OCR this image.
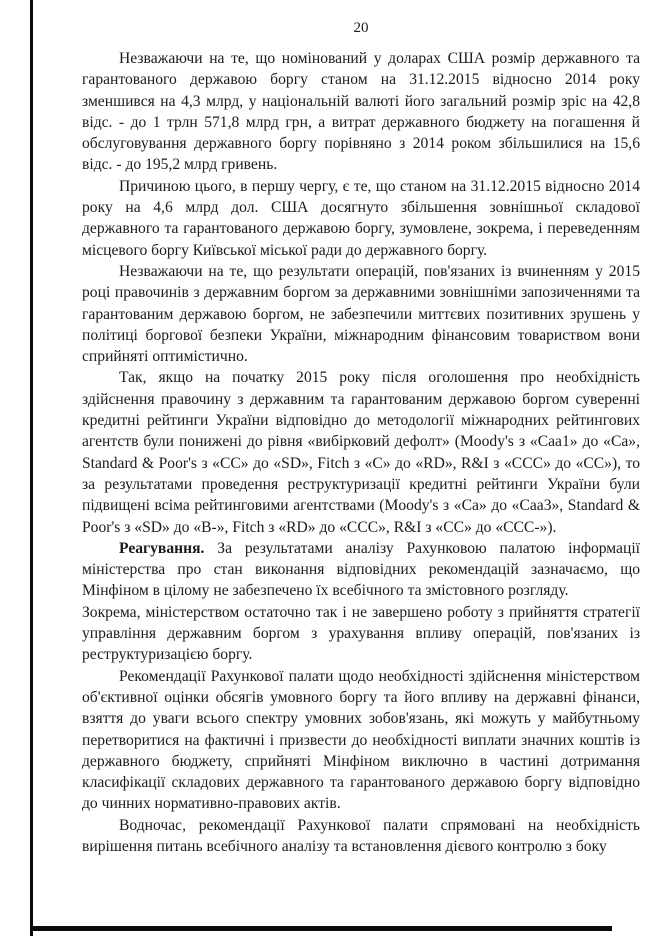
20

Незважаючи на те, що номінований у доларах США розмір державного та гарантованого державою боргу станом на 31.12.2015 відносно 2014 року зменшився на 4,3 млрд, у національній валюті його загальний розмір зріс на 42,8 відс. - до 1 трлн 571,8 млрд грн, а витрат державного бюджету на погашення й обслуговування державного боргу порівняно з 2014 роком збільшилися на 15,6 відс. - до 195,2 млрд гривень.

Причиною цього, в першу чергу, є те, що станом на 31.12.2015 відносно 2014 року на 4,6 млрд дол. США досягнуто збільшення зовнішньої складової державного та гарантованого державою боргу, зумовлене, зокрема, і переведенням місцевого боргу Київської міської ради до державного боргу.

Незважаючи на те, що результати операцій, пов'язаних із вчиненням у 2015 році правочинів з державним боргом за державними зовнішніми запозиченнями та гарантованим державою боргом, не забезпечили миттєвих позитивних зрушень у політиці боргової безпеки України, міжнародним фінансовим товариством вони сприйняті оптимістично.

Так, якщо на початку 2015 року після оголошення про необхідність здійснення правочину з державним та гарантованим державою боргом суверенні кредитні рейтинги України відповідно до методології міжнародних рейтингових агентств були понижені до рівня «вибірковий дефолт» (Moody's з «Caa1» до «Ca», Standard & Poor's з «CC» до «SD», Fitch з «C» до «RD», R&I з «CCC» до «CC»), то за результатами проведення реструктуризації кредитні рейтинги України були підвищені всіма рейтинговими агентствами (Moody's з «Ca» до «Caa3», Standard & Poor's з «SD» до «B-», Fitch з «RD» до «CCC», R&I з «CC» до «CCC-»).

Реагування. За результатами аналізу Рахунковою палатою інформації міністерства про стан виконання відповідних рекомендацій зазначаємо, що Мінфіном в цілому не забезпечено їх всебічного та змістовного розгляду.

Зокрема, міністерством остаточно так і не завершено роботу з прийняття стратегії управління державним боргом з урахування впливу операцій, пов'язаних із реструктуризацією боргу.

Рекомендації Рахункової палати щодо необхідності здійснення міністерством об'єктивної оцінки обсягів умовного боргу та його впливу на державні фінанси, взяття до уваги всього спектру умовних зобов'язань, які можуть у майбутньому перетворитися на фактичні і призвести до необхідності виплати значних коштів із державного бюджету, сприйняті Мінфіном виключно в частині дотримання класифікації складових державного та гарантованого державою боргу відповідно до чинних нормативно-правових актів.

Водночас, рекомендації Рахункової палати спрямовані на необхідність вирішення питань всебічного аналізу та встановлення дієвого контролю з боку
